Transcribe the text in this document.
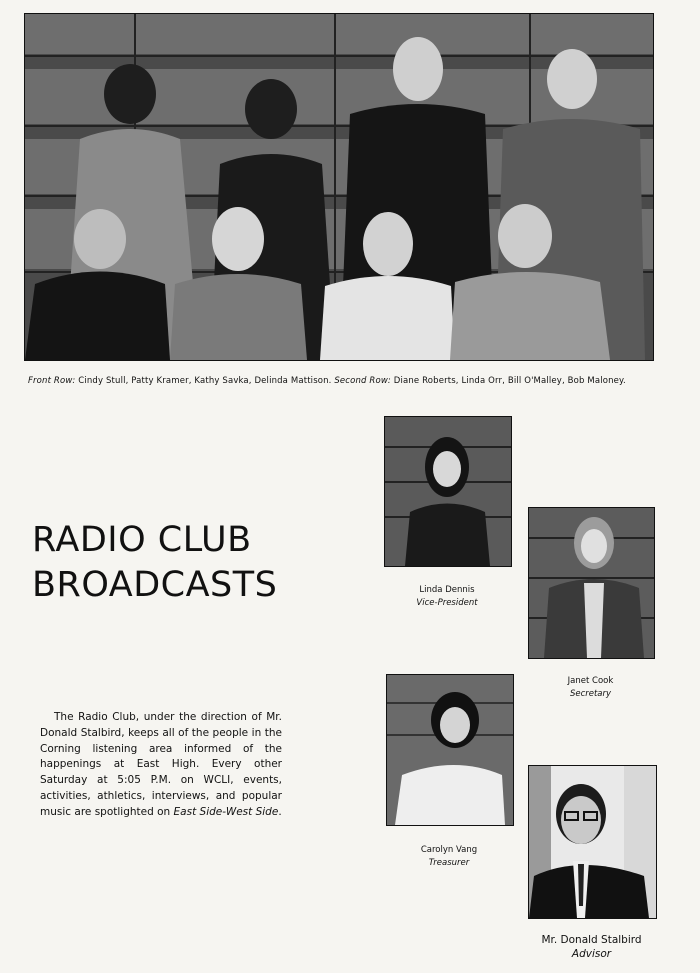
Front Row: Cindy Stull, Patty Kramer, Kathy Savka, Delinda Mattison. Second Row: Diane Roberts, Linda Orr, Bill O'Malley, Bob Maloney.

RADIO CLUB
BROADCASTS

The Radio Club, under the direction of Mr. Donald Stalbird, keeps all of the people in the Corning listening area informed of the happenings at East High. Every other Saturday at 5:05 P.M. on WCLI, events, activities, athletics, interviews, and popular music are spotlighted on East Side-West Side.

Linda Dennis
Vice-President
Janet Cook
Secretary
Carolyn Vang
Treasurer
Mr. Donald Stalbird
Advisor
